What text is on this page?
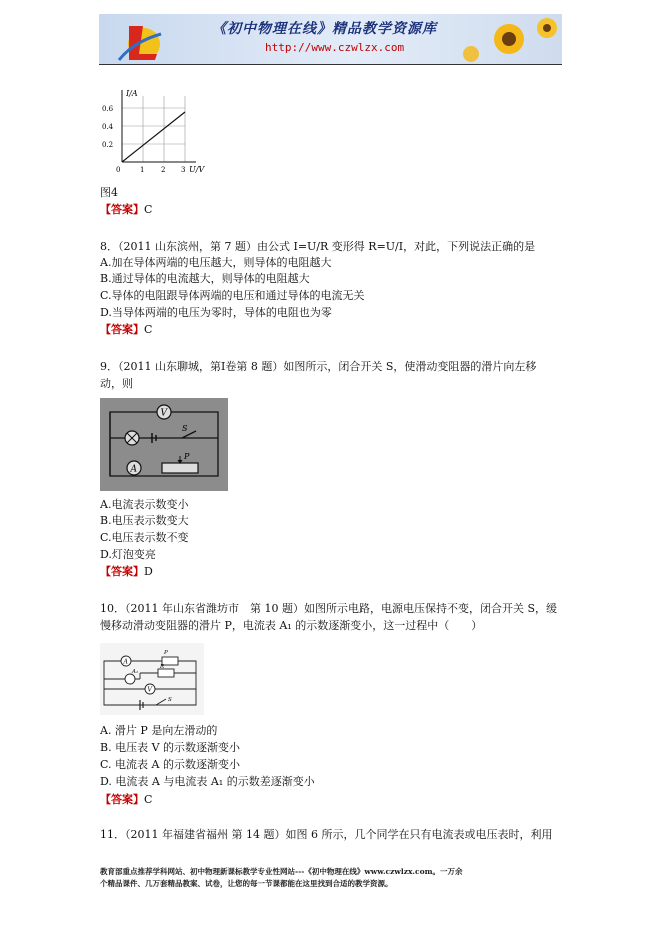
《初中物理在线》精品教学资源库
http://www.czwlzx.com
I/A
0.6
0.4
0.2
0	1 2 3 U/V
图4
【答案】C
8．（2011 山东滨州，第 7 题）由公式 I=U/R 变形得 R=U/I，对此，下列说法正确的是
A.加在导体两端的电压越大，则导体的电阻越大
B.通过导体的电流越大，则导体的电阻越大
C.导体的电阻跟导体两端的电压和通过导体的电流无关
D.当导体两端的电压为零时，导体的电阻也为零
【答案】C
9．（2011 山东聊城，第Ⅰ卷第 8 题）如图所示，闭合开关 S，使滑动变阻器的滑片向左移
动，则
V
S
A
P
A.电流表示数变小
B.电压表示数变大
C.电压表示数不变
D.灯泡变亮
【答案】D
10．（2011 年山东省潍坊市　第 10 题）如图所示电路，电源电压保持不变，闭合开关 S，缓
慢移动滑动变阻器的滑片 P，电流表 A₁ 的示数逐渐变小，这一过程中（　　）
A
P
A₁
R
V
S
A. 滑片 P 是向左滑动的
B. 电压表 V 的示数逐渐变小
C. 电流表 A 的示数逐渐变小
D. 电流表 A 与电流表 A₁ 的示数差逐渐变小
【答案】C
11．（2011 年福建省福州 第 14 题）如图 6 所示，几个同学在只有电流表或电压表时，利用
教育部重点推荐学科网站、初中物理新课标教学专业性网站---《初中物理在线》www.czwlzx.com。一万余
个精品课件、几万套精品教案、试卷，让您的每一节课都能在这里找到合适的教学资源。
